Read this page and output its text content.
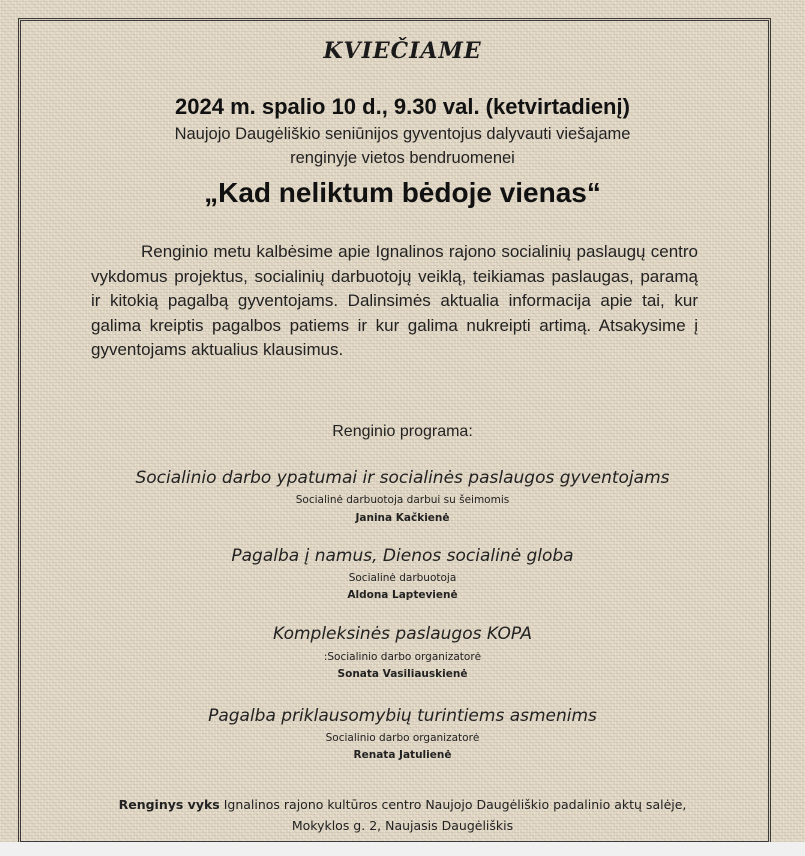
KVIEČIAME
2024 m. spalio 10 d., 9.30 val. (ketvirtadienį)
Naujojo Daugėliškio seniūnijos gyventojus dalyvauti viešajame
renginyje vietos bendruomenei
„Kad neliktum bėdoje vienas“
Renginio metu kalbėsime apie Ignalinos rajono socialinių paslaugų centro vykdomus projektus, socialinių darbuotojų veiklą, teikiamas paslaugas, paramą ir kitokią pagalbą gyventojams. Dalinsimės aktualia informacija apie tai, kur galima kreiptis pagalbos patiems ir kur galima nukreipti artimą. Atsakysime į gyventojams aktualius klausimus.
Renginio programa:
Socialinio darbo ypatumai ir socialinės paslaugos gyventojams
Socialinė darbuotoja darbui su šeimomis
Janina Kačkienė
Pagalba į namus, Dienos socialinė globa
Socialinė darbuotoja
Aldona Laptevienė
Kompleksinės paslaugos KOPA
:Socialinio darbo organizatorė
Sonata Vasiliauskienė
Pagalba priklausomybių turintiems asmenims
Socialinio darbo organizatorė
Renata Jatulienė
Renginys vyks Ignalinos rajono kultūros centro Naujojo Daugėliškio padalinio aktų salėje,
Mokyklos g. 2, Naujasis Daugėliškis
